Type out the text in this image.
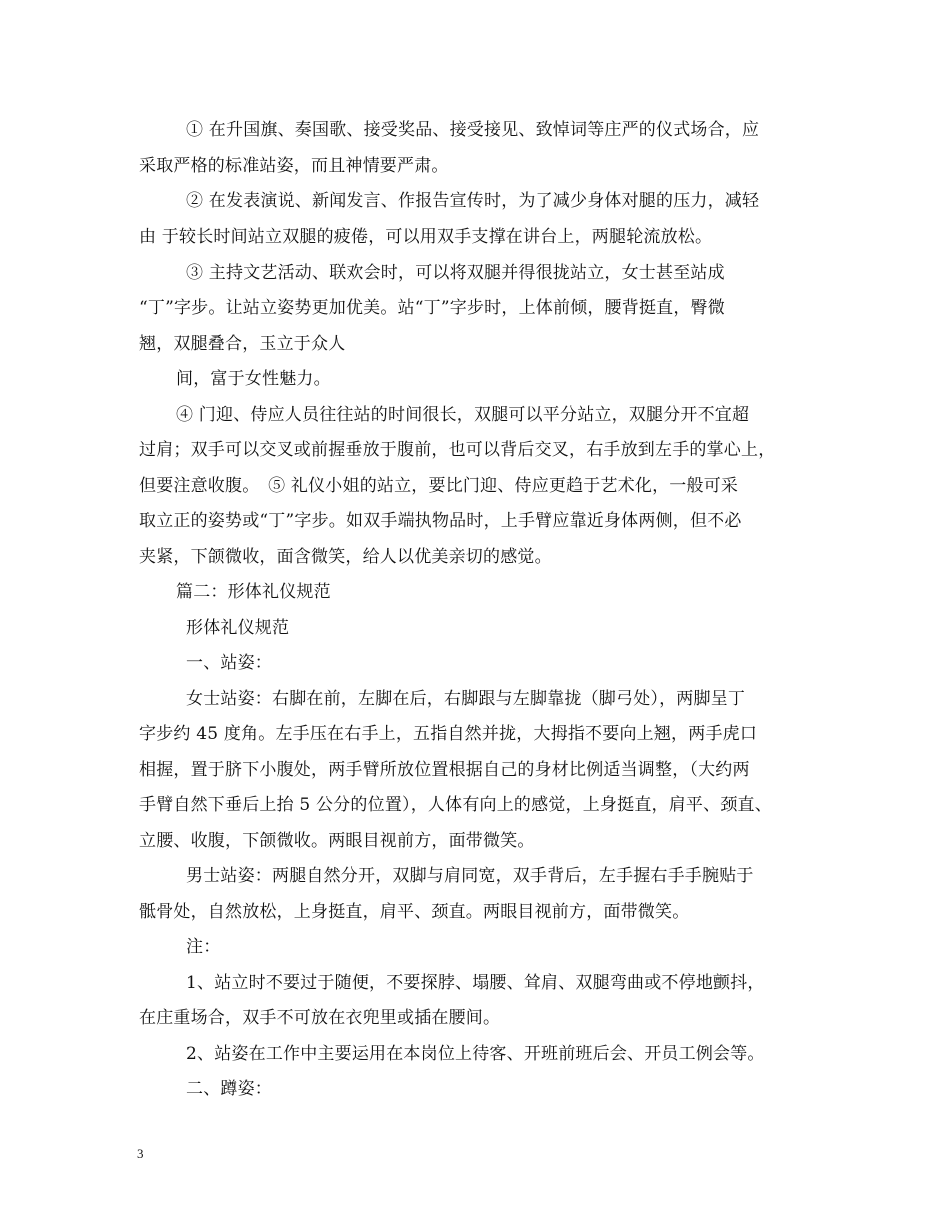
① 在升国旗、奏国歌、接受奖品、接受接见、致悼词等庄严的仪式场合，应
采取严格的标准站姿，而且神情要严肃。
② 在发表演说、新闻发言、作报告宣传时，为了减少身体对腿的压力，减轻
由 于较长时间站立双腿的疲倦，可以用双手支撑在讲台上，两腿轮流放松。
③ 主持文艺活动、联欢会时，可以将双腿并得很拢站立，女士甚至站成
“丁”字步。让站立姿势更加优美。站“丁”字步时，上体前倾，腰背挺直，臀微
翘，双腿叠合，玉立于众人
间，富于女性魅力。
④ 门迎、侍应人员往往站的时间很长，双腿可以平分站立，双腿分开不宜超
过肩；双手可以交叉或前握垂放于腹前，也可以背后交叉，右手放到左手的掌心上，
但要注意收腹。　⑤ 礼仪小姐的站立，要比门迎、侍应更趋于艺术化，一般可采
取立正的姿势或“丁”字步。如双手端执物品时，上手臂应靠近身体两侧，但不必
夹紧，下颌微收，面含微笑，给人以优美亲切的感觉。
篇二：形体礼仪规范
形体礼仪规范
一、站姿：
女士站姿：右脚在前，左脚在后，右脚跟与左脚靠拢（脚弓处），两脚呈丁
字步约 45 度角。左手压在右手上，五指自然并拢，大拇指不要向上翘，两手虎口
相握，置于脐下小腹处，两手臂所放位置根据自己的身材比例适当调整，（大约两
手臂自然下垂后上抬 5 公分的位置），人体有向上的感觉，上身挺直，肩平、颈直、
立腰、收腹，下颌微收。两眼目视前方，面带微笑。
男士站姿：两腿自然分开，双脚与肩同宽，双手背后，左手握右手手腕贴于
骶骨处，自然放松，上身挺直，肩平、颈直。两眼目视前方，面带微笑。
注：
1、站立时不要过于随便，不要探脖、塌腰、耸肩、双腿弯曲或不停地颤抖，
在庄重场合，双手不可放在衣兜里或插在腰间。
2、站姿在工作中主要运用在本岗位上待客、开班前班后会、开员工例会等。
二、蹲姿：
3
